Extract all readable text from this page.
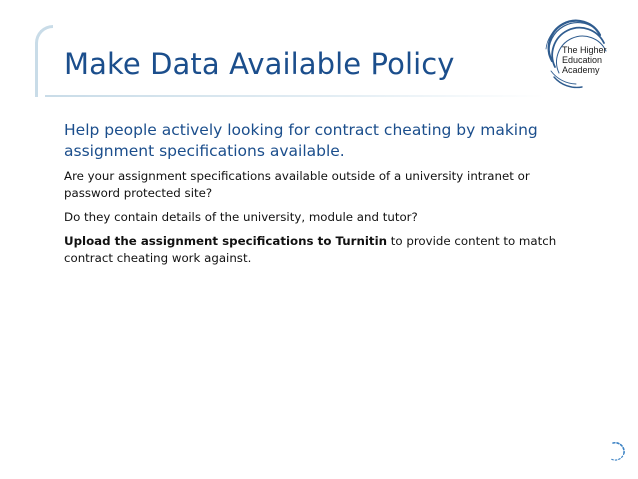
Make Data Available Policy	The Higher
Education
Academy

Help people actively looking for contract cheating by making assignment specifications available.

Are your assignment specifications available outside of a university intranet or password protected site?

Do they contain details of the university, module and tutor?

Upload the assignment specifications to Turnitin to provide content to match contract cheating work against.
